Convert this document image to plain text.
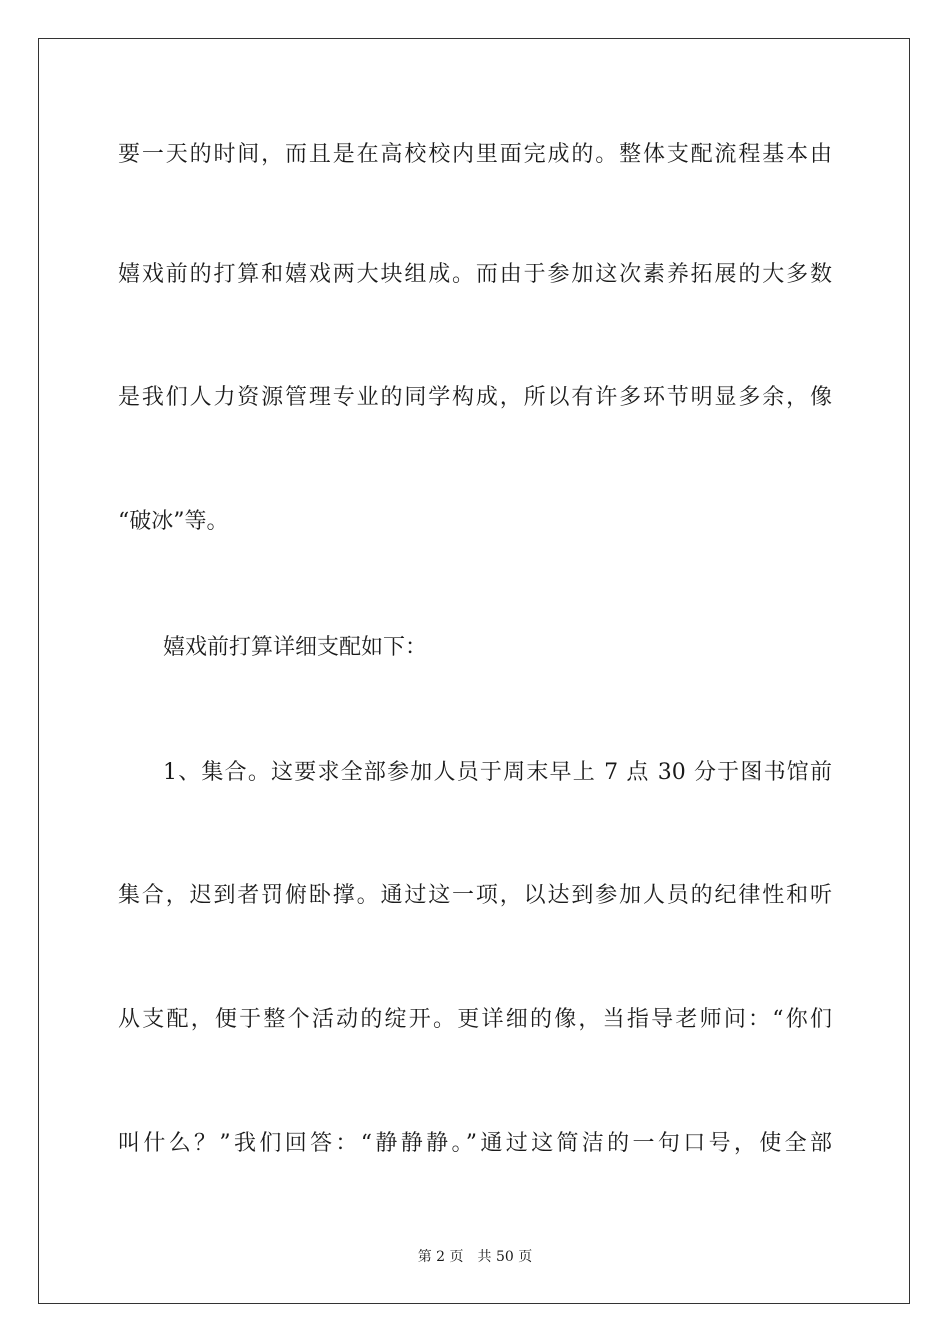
要一天的时间，而且是在高校校内里面完成的。整体支配流程基本由
嬉戏前的打算和嬉戏两大块组成。而由于参加这次素养拓展的大多数
是我们人力资源管理专业的同学构成，所以有许多环节明显多余，像
“破冰”等。
嬉戏前打算详细支配如下：
1、集合。这要求全部参加人员于周末早上 7 点 30 分于图书馆前
集合，迟到者罚俯卧撑。通过这一项，以达到参加人员的纪律性和听
从支配，便于整个活动的绽开。更详细的像，当指导老师问：“你们
叫什么？”我们回答：“静静静。”通过这简洁的一句口号，使全部
第 2 页 共 50 页
